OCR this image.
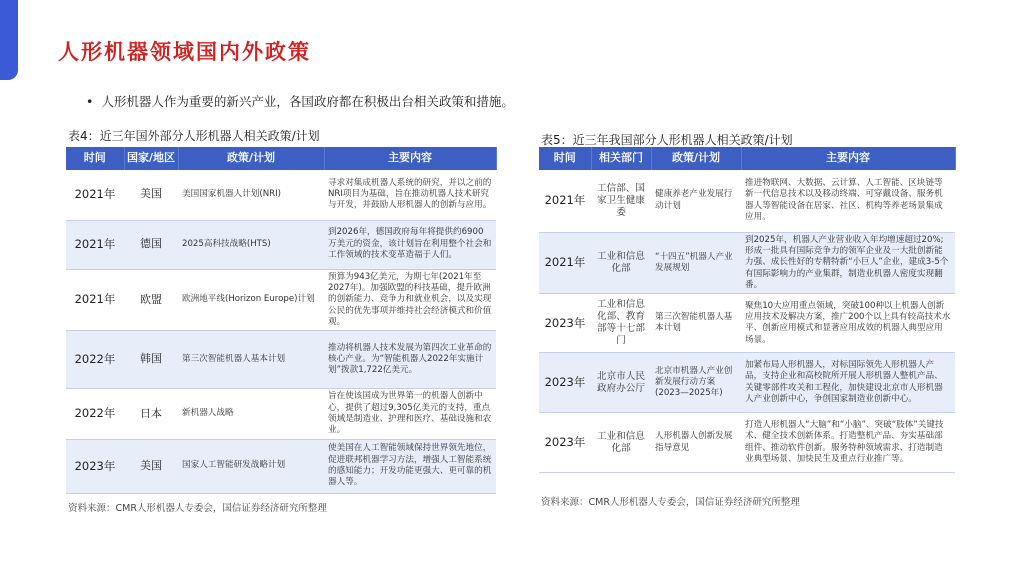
人形机器领域国内外政策
• 人形机器人作为重要的新兴产业，各国政府都在积极出台相关政策和措施。
表4：近三年国外部分人形机器人相关政策/计划
时间	国家/地区	政策/计划	主要内容
2021年	美国	美国国家机器人计划(NRI)	寻求对集成机器人系统的研究，并以之前的NRI项目为基础，旨在推动机器人技术研究与开发，并鼓励人形机器人的创新与应用。
2021年	德国	2025高科技战略(HTS)	到2026年，德国政府每年将提供约6900万美元的资金，该计划旨在利用整个社会和工作领域的技术变革造福于人们。
2021年	欧盟	欧洲地平线(Horizon Europe)计划	预算为943亿美元，为期七年(2021年至2027年)。加强欧盟的科技基础，提升欧洲的创新能力、竞争力和就业机会，以及实现公民的优先事项并维持社会经济模式和价值观。
2022年	韩国	第三次智能机器人基本计划	推动将机器人技术发展为第四次工业革命的核心产业。为“智能机器人2022年实施计划”拨款1,722亿美元。
2022年	日本	新机器人战略	旨在使该国成为世界第一的机器人创新中心，提供了超过9,305亿美元的支持，重点领域是制造业、护理和医疗、基础设施和农业。
2023年	美国	国家人工智能研发战略计划	使美国在人工智能领域保持世界领先地位，促进联邦机器学习方法，增强人工智能系统的感知能力；开发功能更强大、更可靠的机器人等。
资料来源：CMR人形机器人专委会，国信证券经济研究所整理
表5：近三年我国部分人形机器人相关政策/计划
时间	相关部门	政策/计划	主要内容
2021年	工信部、国家卫生健康委	健康养老产业发展行动计划	推进物联网、大数据、云计算、人工智能、区块链等新一代信息技术以及移动终端、可穿戴设备、服务机器人等智能设备在居家、社区、机构等养老场景集成应用。
2021年	工业和信息化部	“十四五”机器人产业发展规划	到2025年，机器人产业营业收入年均增速超过20%;形成一批具有国际竞争力的领军企业及一大批创新能力强、成长性好的专精特新“小巨人”企业，建成3-5个有国际影响力的产业集群，制造业机器人密度实现翻番。
2023年	工业和信息化部、教育部等十七部门	第三次智能机器人基本计划	聚焦10大应用重点领域，突破100种以上机器人创新应用技术及解决方案，推广200个以上具有较高技术水平、创新应用模式和显著应用成效的机器人典型应用场景。
2023年	北京市人民政府办公厅	北京市机器人产业创新发展行动方案(2023—2025年)	加紧布局人形机器人，对标国际领先人形机器人产品，支持企业和高校院所开展人形机器人整机产品、关键零部件攻关和工程化，加快建设北京市人形机器人产业创新中心，争创国家制造业创新中心。
2023年	工业和信息化部	人形机器人创新发展指导意见	打造人形机器人“大脑”和“小脑”、突破“肢体”关键技术、健全技术创新体系。打造整机产品、夯实基础部组件、推动软件创新。服务特种领域需求、打造制造业典型场景、加快民生及重点行业推广等。
资料来源：CMR人形机器人专委会，国信证券经济研究所整理
